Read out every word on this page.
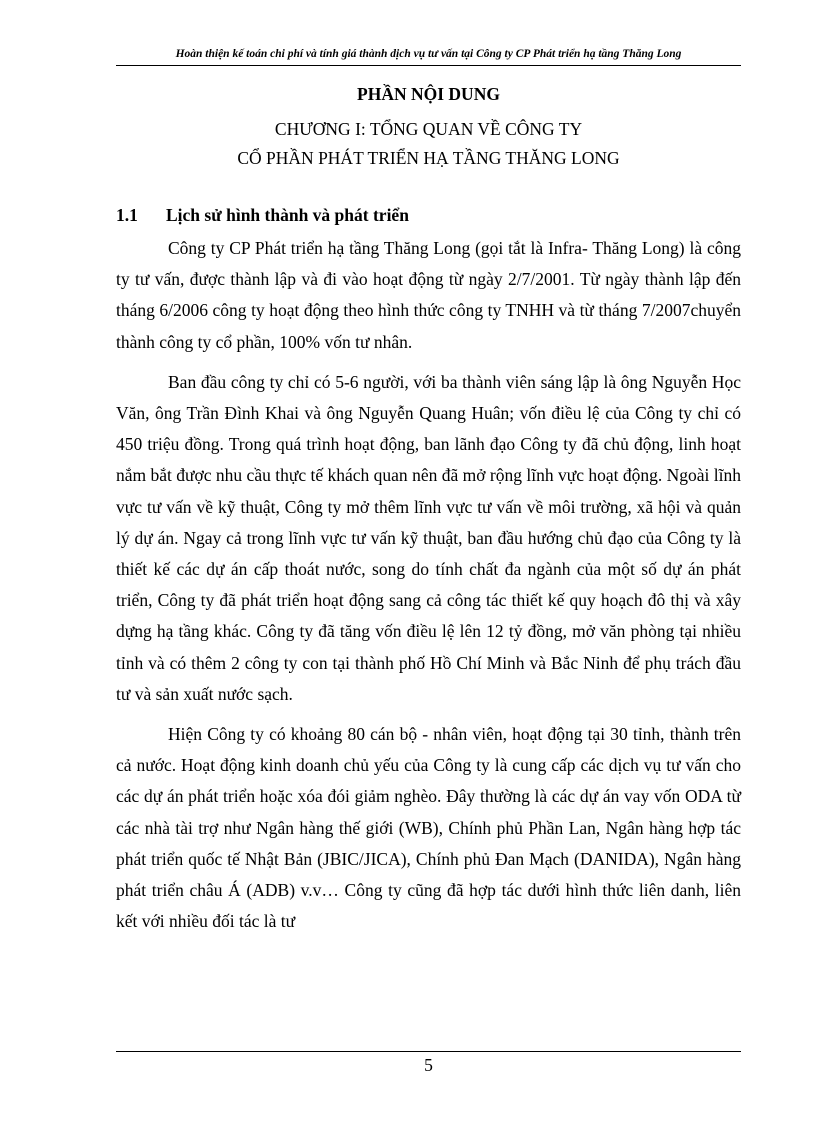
Hoàn thiện kế toán chi phí và tính giá thành dịch vụ tư vấn tại Công ty CP Phát triển hạ tầng Thăng Long
PHẦN NỘI DUNG
CHƯƠNG I: TỔNG QUAN VỀ CÔNG TY
CỔ PHẦN PHÁT TRIỂN HẠ TẦNG THĂNG LONG
1.1 Lịch sử hình thành và phát triển

Công ty CP Phát triển hạ tầng Thăng Long (gọi tắt là Infra- Thăng Long) là công ty tư vấn, được thành lập và đi vào hoạt động từ ngày 2/7/2001. Từ ngày thành lập đến tháng 6/2006 công ty hoạt động theo hình thức công ty TNHH và từ tháng 7/2007chuyển thành công ty cổ phần, 100% vốn tư nhân.

Ban đầu công ty chỉ có 5-6 người, với ba thành viên sáng lập là ông Nguyễn Học Văn, ông Trần Đình Khai và ông Nguyễn Quang Huân; vốn điều lệ của Công ty chỉ có 450 triệu đồng. Trong quá trình hoạt động, ban lãnh đạo Công ty đã chủ động, linh hoạt nắm bắt được nhu cầu thực tế khách quan nên đã mở rộng lĩnh vực hoạt động. Ngoài lĩnh vực tư vấn về kỹ thuật, Công ty mở thêm lĩnh vực tư vấn về môi trường, xã hội và quản lý dự án. Ngay cả trong lĩnh vực tư vấn kỹ thuật, ban đầu hướng chủ đạo của Công ty là thiết kế các dự án cấp thoát nước, song do tính chất đa ngành của một số dự án phát triển, Công ty đã phát triển hoạt động sang cả công tác thiết kế quy hoạch đô thị và xây dựng hạ tầng khác. Công ty đã tăng vốn điều lệ lên 12 tỷ đồng, mở văn phòng tại nhiều tỉnh và có thêm 2 công ty con tại thành phố Hồ Chí Minh và Bắc Ninh để phụ trách đầu tư và sản xuất nước sạch.

Hiện Công ty có khoảng 80 cán bộ - nhân viên, hoạt động tại 30 tỉnh, thành trên cả nước. Hoạt động kinh doanh chủ yếu của Công ty là cung cấp các dịch vụ tư vấn cho các dự án phát triển hoặc xóa đói giảm nghèo. Đây thường là các dự án vay vốn ODA từ các nhà tài trợ như Ngân hàng thế giới (WB), Chính phủ Phần Lan, Ngân hàng hợp tác phát triển quốc tế Nhật Bản (JBIC/JICA), Chính phủ Đan Mạch (DANIDA), Ngân hàng phát triển châu Á (ADB) v.v… Công ty cũng đã hợp tác dưới hình thức liên danh, liên kết với nhiều đối tác là tư

5
